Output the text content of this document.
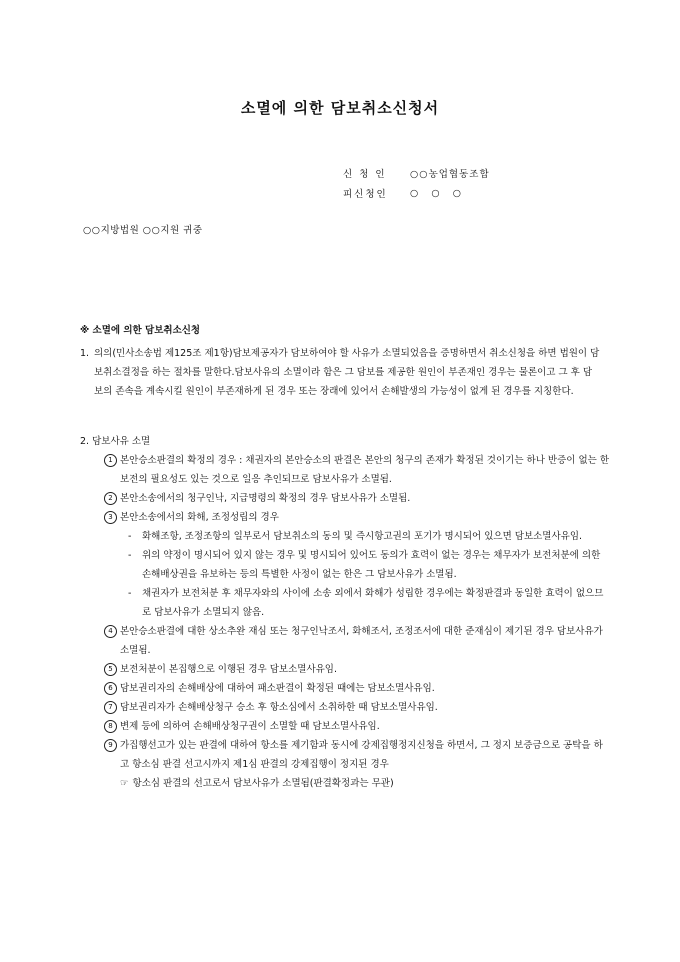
소멸에 의한 담보취소신청서
신 청 인	○○농업협동조합
피신청인	○   ○   ○
○○지방법원 ○○지원 귀중
※ 소멸에 의한 담보취소신청
1. 의의(민사소송법 제125조 제1항)담보제공자가 담보하여야 할 사유가 소멸되었음을 증명하면서 취소신청을 하면 법원이 담보취소결정을 하는 절차를 말한다.담보사유의 소멸이라 함은 그 담보를 제공한 원인이 부존재인 경우는 물론이고 그 후 담보의 존속을 계속시킬 원인이 부존재하게 된 경우 또는 장래에 있어서 손해발생의 가능성이 없게 된 경우를 지칭한다.
2. 담보사유 소멸
1 본안승소판결의 확정의 경우 : 채권자의 본안승소의 판결은 본안의 청구의 존재가 확정된 것이기는 하나 반증이 없는 한 보전의 필요성도 있는 것으로 일응 추인되므로 담보사유가 소멸됨.
2 본안소송에서의 청구인낙, 지급명령의 확정의 경우 담보사유가 소멸됨.
3 본안소송에서의 화해, 조정성립의 경우
- 화해조항, 조정조항의 일부로서 담보취소의 동의 및 즉시항고권의 포기가 명시되어 있으면 담보소멸사유임.
- 위의 약정이 명시되어 있지 않는 경우 및 명시되어 있어도 동의가 효력이 없는 경우는 채무자가 보전처분에 의한 손해배상권을 유보하는 등의 특별한 사정이 없는 한은 그 담보사유가 소멸됨.
- 채권자가 보전처분 후 채무자와의 사이에 소송 외에서 화해가 성립한 경우에는 확정판결과 동일한 효력이 없으므로 담보사유가 소멸되지 않음.
4 본안승소판결에 대한 상소추완 재심 또는 청구인낙조서, 화해조서, 조정조서에 대한 준재심이 제기된 경우 담보사유가 소멸됨.
5 보전처분이 본집행으로 이행된 경우 담보소멸사유임.
6 담보권리자의 손해배상에 대하여 패소판결이 확정된 때에는 담보소멸사유임.
7 담보권리자가 손해배상청구 승소 후 항소심에서 소취하한 때 담보소멸사유임.
8 변제 등에 의하여 손해배상청구권이 소멸할 때 담보소멸사유임.
9 가집행선고가 있는 판결에 대하여 항소를 제기함과 동시에 강제집행정지신청을 하면서, 그 정지 보증금으로 공탁을 하고 항소심 판결 선고시까지 제1심 판결의 강제집행이 정지된 경우
☞ 항소심 판결의 선고로서 담보사유가 소멸됨(판결확정과는 무관)
